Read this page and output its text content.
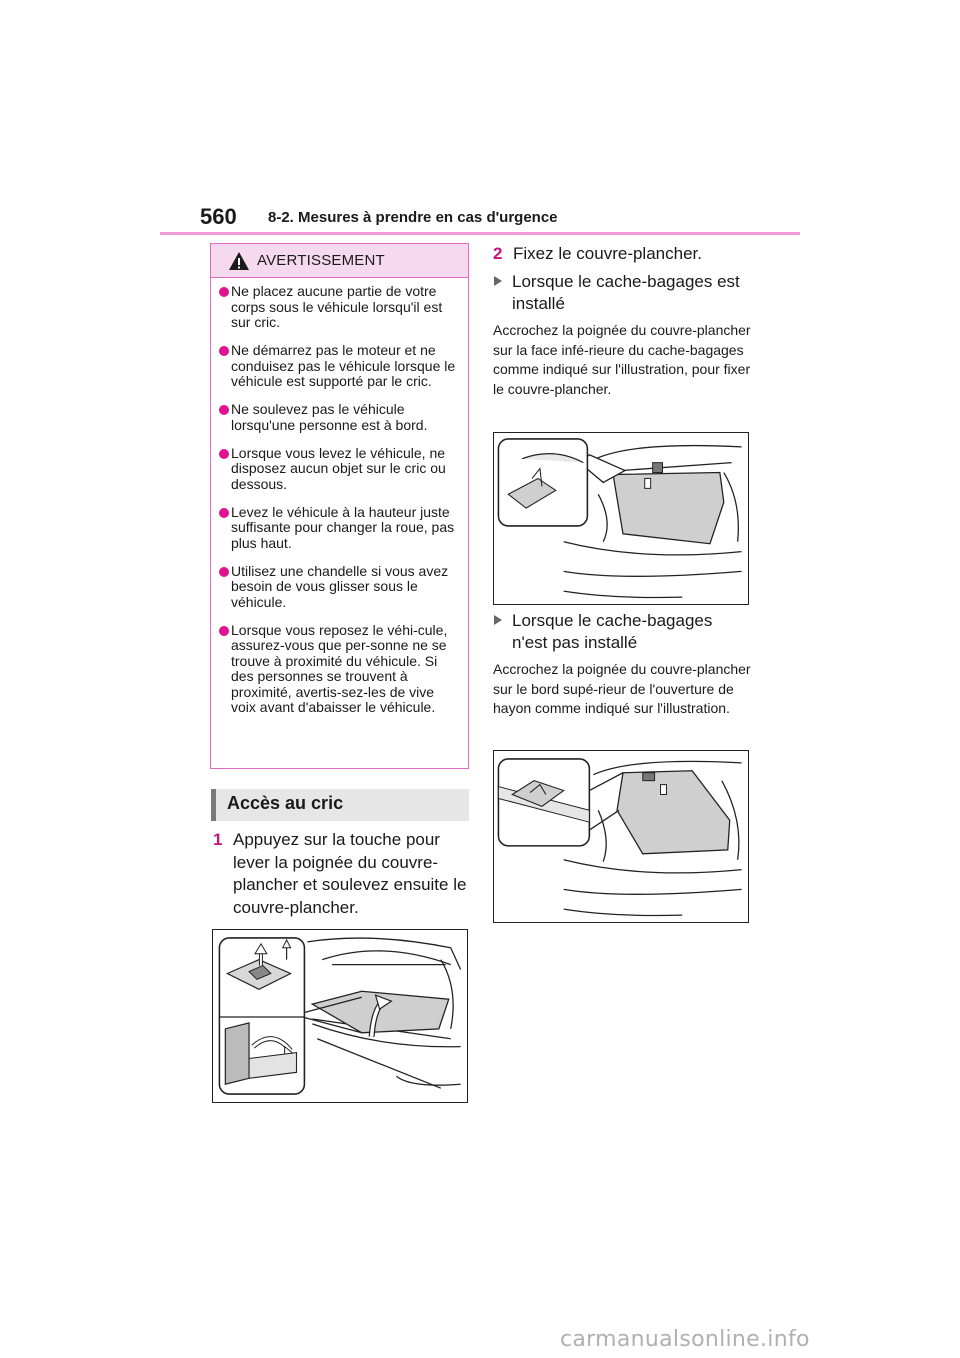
560 8-2. Mesures à prendre en cas d'urgence
AVERTISSEMENT
Ne placez aucune partie de votre corps sous le véhicule lorsqu'il est sur cric.
Ne démarrez pas le moteur et ne conduisez pas le véhicule lorsque le véhicule est supporté par le cric.
Ne soulevez pas le véhicule lorsqu'une personne est à bord.
Lorsque vous levez le véhicule, ne disposez aucun objet sur le cric ou dessous.
Levez le véhicule à la hauteur juste suffisante pour changer la roue, pas plus haut.
Utilisez une chandelle si vous avez besoin de vous glisser sous le véhicule.
Lorsque vous reposez le véhi-cule, assurez-vous que per-sonne ne se trouve à proximité du véhicule. Si des personnes se trouvent à proximité, avertis-sez-les de vive voix avant d'abaisser le véhicule.
Accès au cric
1 Appuyez sur la touche pour lever la poignée du couvre-plancher et soulevez ensuite le couvre-plancher.
2 Fixez le couvre-plancher.
Lorsque le cache-bagages est installé
Accrochez la poignée du couvre-plancher sur la face infé-rieure du cache-bagages comme indiqué sur l'illustration, pour fixer le couvre-plancher.
Lorsque le cache-bagages n'est pas installé
Accrochez la poignée du couvre-plancher sur le bord supé-rieur de l'ouverture de hayon comme indiqué sur l'illustration.
carmanualsonline.info
